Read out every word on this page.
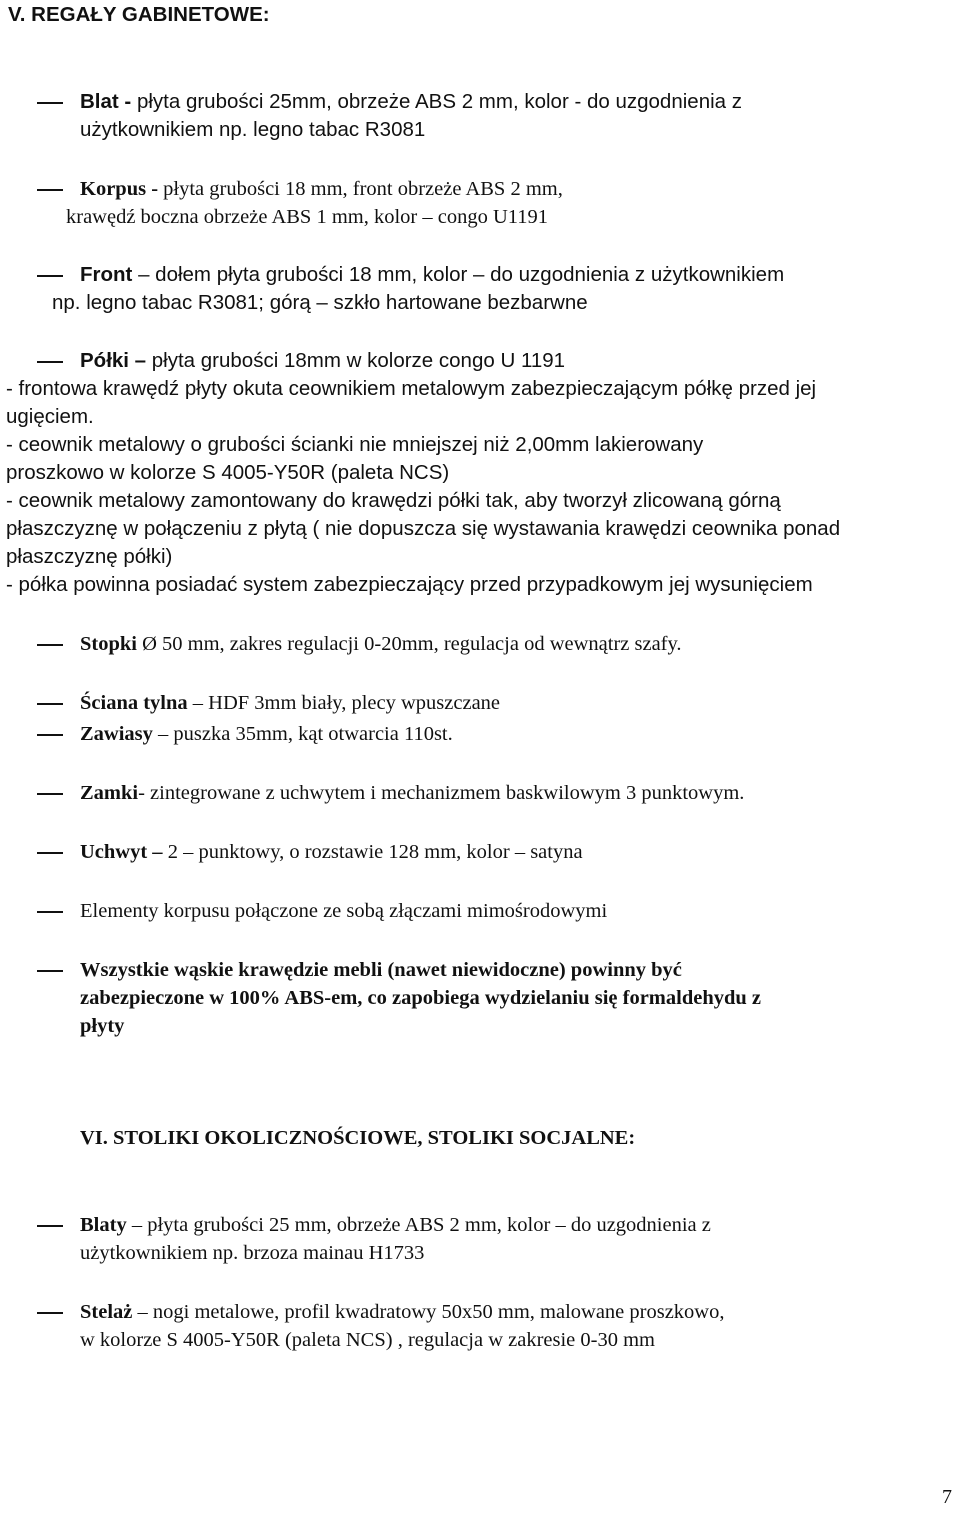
V. REGAŁY GABINETOWE:
Blat - płyta grubości 25mm, obrzeże ABS 2 mm, kolor - do uzgodnienia z
użytkownikiem np. legno tabac R3081
Korpus - płyta grubości 18 mm, front obrzeże ABS 2 mm,
krawędź boczna obrzeże ABS 1 mm, kolor – congo U1191
Front – dołem płyta grubości 18 mm, kolor – do uzgodnienia z użytkownikiem
np. legno tabac R3081; górą – szkło hartowane bezbarwne
Półki – płyta grubości 18mm w kolorze congo U 1191
- frontowa krawędź płyty okuta ceownikiem metalowym zabezpieczającym półkę przed jej
ugięciem.
- ceownik metalowy o grubości ścianki nie mniejszej niż 2,00mm lakierowany
proszkowo w kolorze S 4005-Y50R (paleta NCS)
- ceownik metalowy zamontowany do krawędzi półki tak, aby tworzył zlicowaną górną
płaszczyznę w połączeniu z płytą ( nie dopuszcza się wystawania krawędzi ceownika ponad
płaszczyznę półki)
- półka powinna posiadać system zabezpieczający przed przypadkowym jej wysunięciem
Stopki Ø 50 mm, zakres regulacji 0-20mm, regulacja od wewnątrz szafy.
Ściana tylna – HDF 3mm biały, plecy wpuszczane
Zawiasy – puszka 35mm, kąt otwarcia 110st.
Zamki- zintegrowane z uchwytem i mechanizmem baskwilowym 3 punktowym.
Uchwyt – 2 – punktowy, o rozstawie 128 mm, kolor – satyna
Elementy korpusu połączone ze sobą złączami mimośrodowymi
Wszystkie wąskie krawędzie mebli (nawet niewidoczne) powinny być
zabezpieczone w 100% ABS-em, co zapobiega wydzielaniu się formaldehydu z
płyty
VI. STOLIKI OKOLICZNOŚCIOWE, STOLIKI SOCJALNE:
Blaty – płyta grubości 25 mm, obrzeże ABS 2 mm, kolor – do uzgodnienia z
użytkownikiem np. brzoza mainau H1733
Stelaż – nogi metalowe, profil kwadratowy 50x50 mm, malowane proszkowo,
w kolorze S 4005-Y50R (paleta NCS) , regulacja w zakresie 0-30 mm
7
